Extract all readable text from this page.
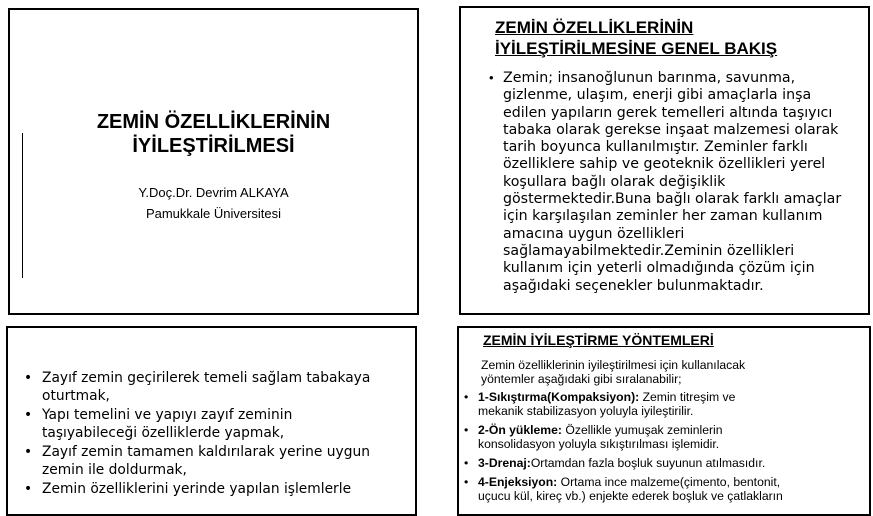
ZEMİN ÖZELLİKLERİNİN
İYİLEŞTİRİLMESİ
Y.Doç.Dr. Devrim ALKAYA
Pamukkale Üniversitesi
ZEMİN ÖZELLİKLERİNİN
İYİLEŞTİRİLMESİNE GENEL BAKIŞ
• Zemin; insanoğlunun barınma, savunma,
gizlenme, ulaşım, enerji gibi amaçlarla inşa
edilen yapıların gerek temelleri altında taşıyıcı
tabaka olarak gerekse inşaat malzemesi olarak
tarih boyunca kullanılmıştır. Zeminler farklı
özelliklere sahip ve geoteknik özellikleri yerel
koşullara bağlı olarak değişiklik
göstermektedir.Buna bağlı olarak farklı amaçlar
için karşılaşılan zeminler her zaman kullanım
amacına uygun özellikleri
sağlamayabilmektedir.Zeminin özellikleri
kullanım için yeterli olmadığında çözüm için
aşağıdaki seçenekler bulunmaktadır.
• Zayıf zemin geçirilerek temeli sağlam tabakaya
oturtmak,
• Yapı temelini ve yapıyı zayıf zeminin
taşıyabileceği özelliklerde yapmak,
• Zayıf zemin tamamen kaldırılarak yerine uygun
zemin ile doldurmak,
• Zemin özelliklerini yerinde yapılan işlemlerle
ZEMİN İYİLEŞTİRME YÖNTEMLERİ
Zemin özelliklerinin iyileştirilmesi için kullanılacak
yöntemler aşağıdaki gibi sıralanabilir;
• 1-Sıkıştırma(Kompaksiyon): Zemin titreşim ve
mekanik stabilizasyon yoluyla iyileştirilir.
• 2-Ön yükleme: Özellikle yumuşak zeminlerin
konsolidasyon yoluyla sıkıştırılması işlemidir.
• 3-Drenaj:Ortamdan fazla boşluk suyunun atılmasıdır.
• 4-Enjeksiyon: Ortama ince malzeme(çimento, bentonit,
uçucu kül, kireç vb.) enjekte ederek boşluk ve çatlakların
